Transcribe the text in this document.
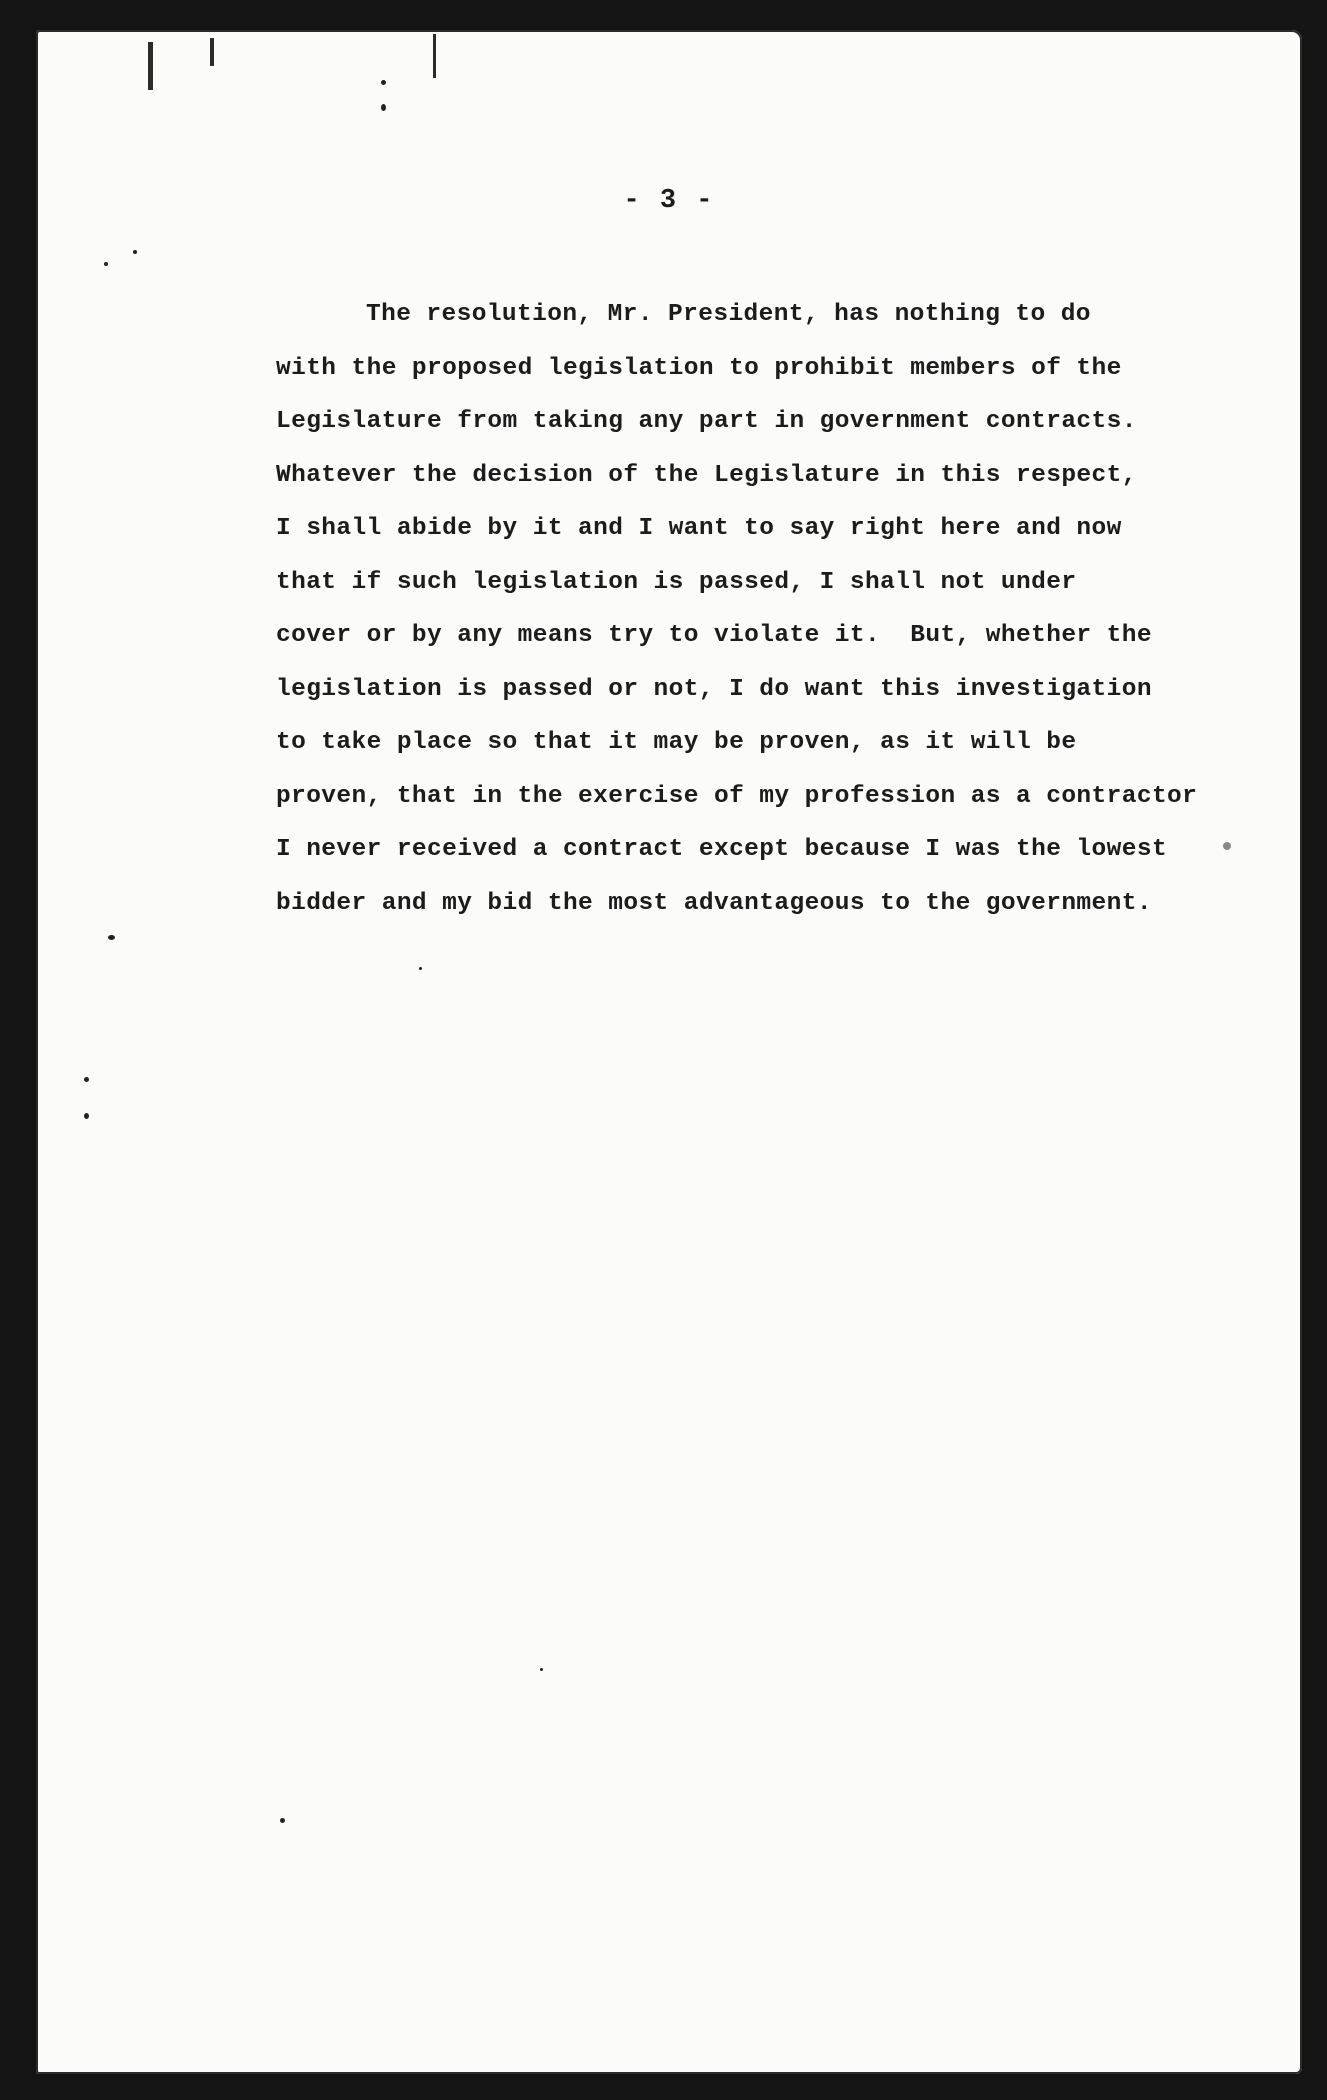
- 3 -
The resolution, Mr. President, has nothing to do
with the proposed legislation to prohibit members of the
Legislature from taking any part in government contracts.
Whatever the decision of the Legislature in this respect,
I shall abide by it and I want to say right here and now
that if such legislation is passed, I shall not under
cover or by any means try to violate it.  But, whether the
legislation is passed or not, I do want this investigation
to take place so that it may be proven, as it will be
proven, that in the exercise of my profession as a contractor
I never received a contract except because I was the lowest
bidder and my bid the most advantageous to the government.
